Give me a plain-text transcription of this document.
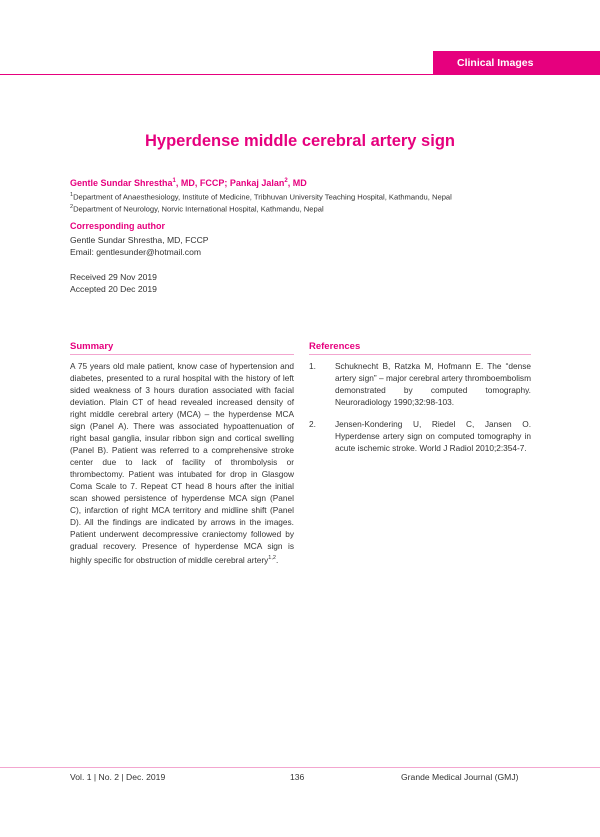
Clinical Images
Hyperdense middle cerebral artery sign
Gentle Sundar Shrestha$^1$, MD, FCCP; Pankaj Jalan$^2$, MD
$^1$Department of Anaesthesiology, Institute of Medicine, Tribhuvan University Teaching Hospital, Kathmandu, Nepal
$^2$Department of Neurology, Norvic International Hospital, Kathmandu, Nepal
Corresponding author
Gentle Sundar Shrestha, MD, FCCP
Email: gentlesunder@hotmail.com
Received 29 Nov 2019
Accepted 20 Dec 2019
Summary
A 75 years old male patient, know case of hypertension and diabetes, presented to a rural hospital with the history of left sided weakness of 3 hours duration associated with facial deviation. Plain CT of head revealed increased density of right middle cerebral artery (MCA) – the hyperdense MCA sign (Panel A). There was associated hypoattenuation of right basal ganglia, insular ribbon sign and cortical swelling (Panel B). Patient was referred to a comprehensive stroke center due to lack of facility of thrombolysis or thrombectomy. Patient was intubated for drop in Glasgow Coma Scale to 7. Repeat CT head 8 hours after the initial scan showed persistence of hyperdense MCA sign (Panel C), infarction of right MCA territory and midline shift (Panel D). All the findings are indicated by arrows in the images. Patient underwent decompressive craniectomy followed by gradual recovery. Presence of hyperdense MCA sign is highly specific for obstruction of middle cerebral artery$^{1,2}$.
References
1.	Schuknecht B, Ratzka M, Hofmann E. The “dense artery sign” – major cerebral artery thromboembolism demonstrated by computed tomography. Neuroradiology 1990;32:98-103.
2.	Jensen-Kondering U, Riedel C, Jansen O. Hyperdense artery sign on computed tomography in acute ischemic stroke. World J Radiol 2010;2:354-7.
Vol. 1 | No. 2 | Dec. 2019	136	Grande Medical Journal (GMJ)
